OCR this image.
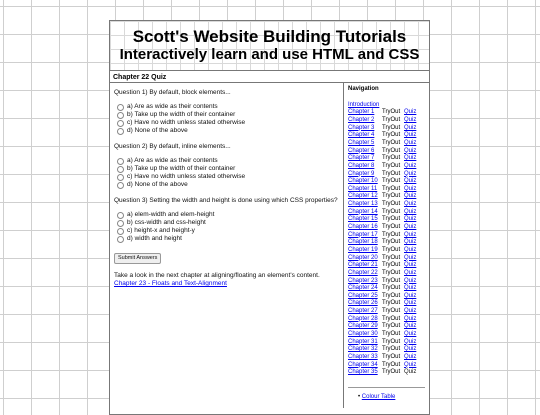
Scott's Website Building Tutorials
Interactively learn and use HTML and CSS
Chapter 22 Quiz
Question 1) By default, block elements...
a) Are as wide as their contents
b) Take up the width of their container
c) Have no width unless stated otherwise
d) None of the above
Question 2) By default, inline elements...
a) Are as wide as their contents
b) Take up the width of their container
c) Have no width unless stated otherwise
d) None of the above
Question 3) Setting the width and height is done using which CSS properties?
a) elem-width and elem-height
b) css-width and css-height
c) height-x and height-y
d) width and height
Submit Answers
Take a look in the next chapter at aligning/floating an element's content.
Chapter 23 - Floats and Text-Alignment
Navigation
Introduction
Chapter 1	TryOut Quiz
Chapter 2	TryOut Quiz
Chapter 3	TryOut Quiz
Chapter 4	TryOut Quiz
Chapter 5	TryOut Quiz
Chapter 6	TryOut Quiz
Chapter 7	TryOut Quiz
Chapter 8	TryOut Quiz
Chapter 9	TryOut Quiz
Chapter 10 TryOut Quiz
Chapter 11 TryOut Quiz
Chapter 12 TryOut Quiz
Chapter 13 TryOut Quiz
Chapter 14 TryOut Quiz
Chapter 15 TryOut Quiz
Chapter 16 TryOut Quiz
Chapter 17 TryOut Quiz
Chapter 18 TryOut Quiz
Chapter 19 TryOut Quiz
Chapter 20 TryOut Quiz
Chapter 21 TryOut Quiz
Chapter 22 TryOut Quiz
Chapter 23 TryOut Quiz
Chapter 24 TryOut Quiz
Chapter 25 TryOut Quiz
Chapter 26 TryOut Quiz
Chapter 27 TryOut Quiz
Chapter 28 TryOut Quiz
Chapter 29 TryOut Quiz
Chapter 30 TryOut Quiz
Chapter 31 TryOut Quiz
Chapter 32 TryOut Quiz
Chapter 33 TryOut Quiz
Chapter 34 TryOut Quiz
Chapter 35 TryOut Quiz
• Colour Table
